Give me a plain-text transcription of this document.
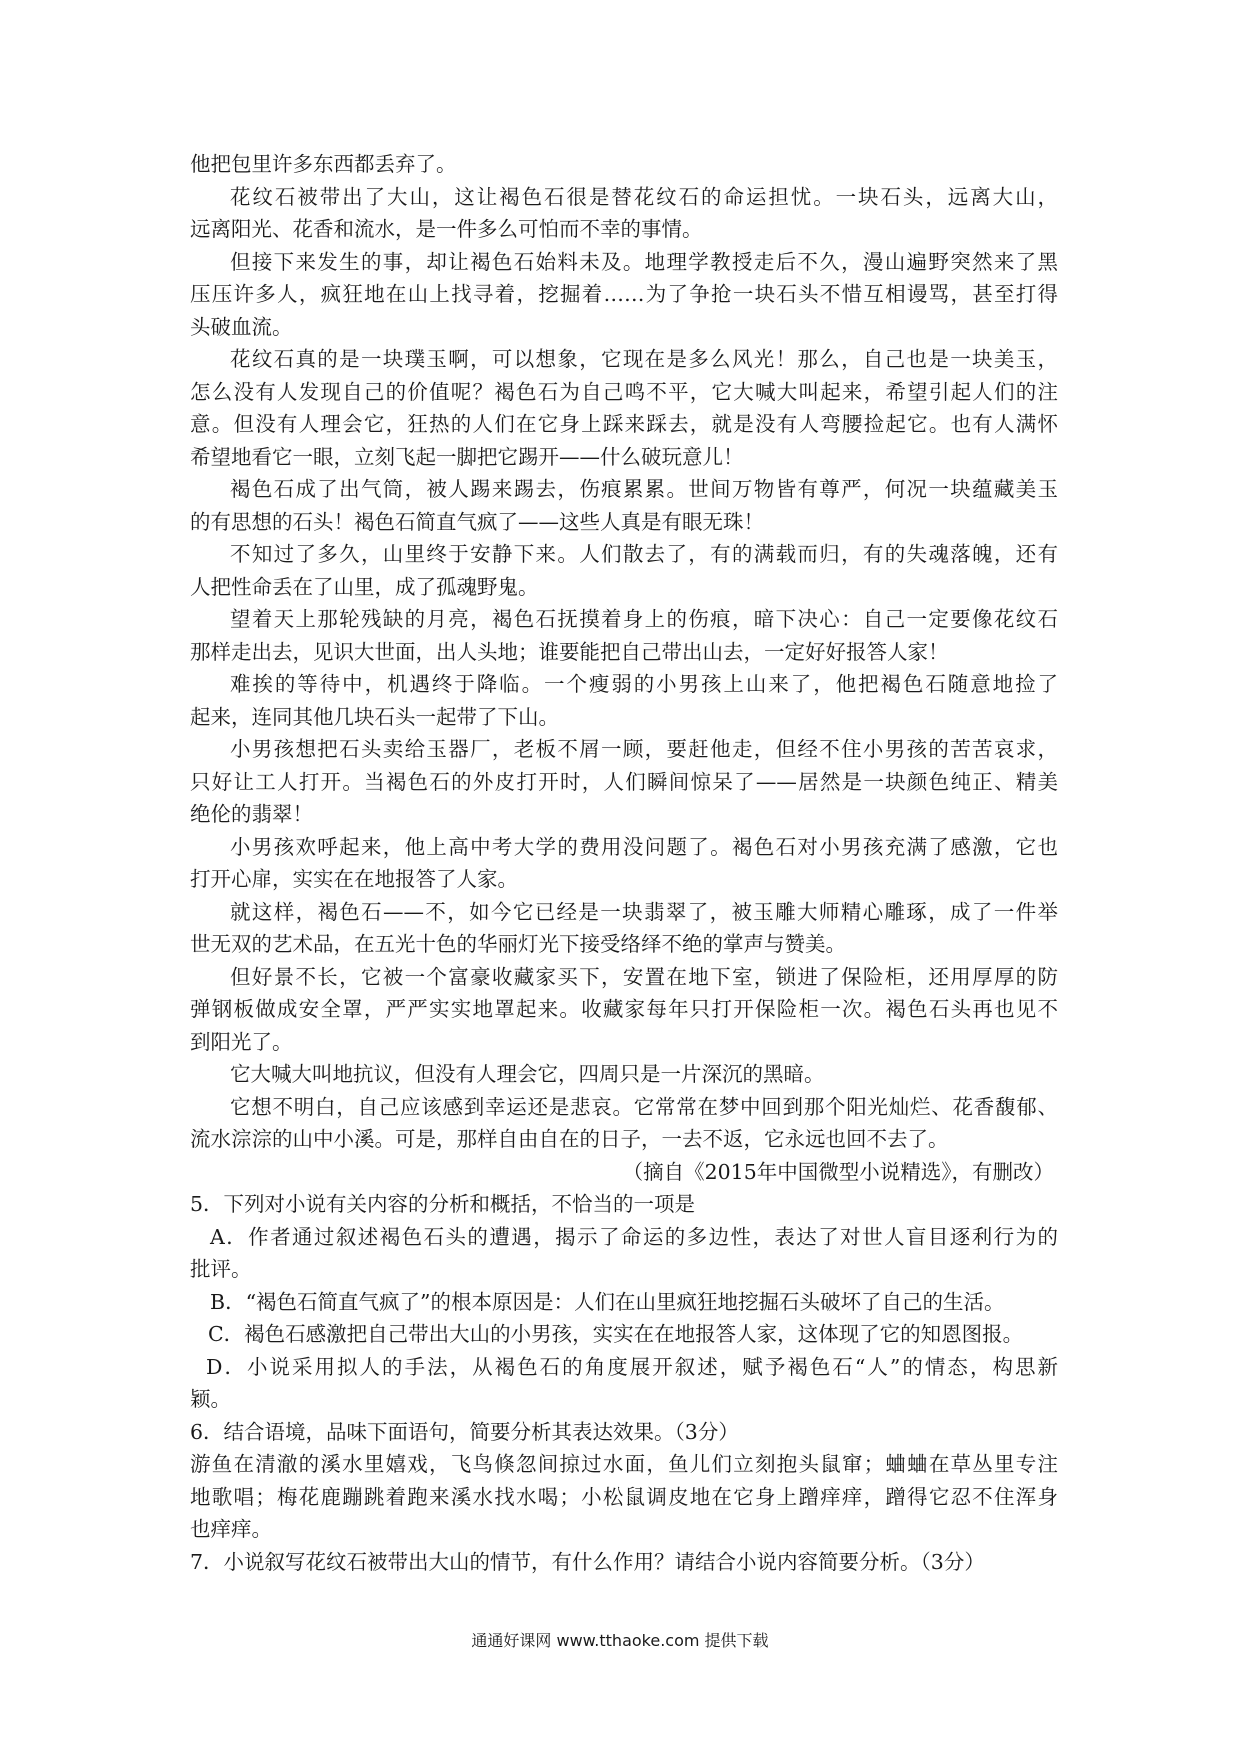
他把包里许多东西都丢弃了。
花纹石被带出了大山，这让褐色石很是替花纹石的命运担忧。一块石头，远离大山，
远离阳光、花香和流水，是一件多么可怕而不幸的事情。
但接下来发生的事，却让褐色石始料未及。地理学教授走后不久，漫山遍野突然来了黑
压压许多人，疯狂地在山上找寻着，挖掘着……为了争抢一块石头不惜互相谩骂，甚至打得
头破血流。
花纹石真的是一块璞玉啊，可以想象，它现在是多么风光！那么，自己也是一块美玉，
怎么没有人发现自己的价值呢？褐色石为自己鸣不平，它大喊大叫起来，希望引起人们的注
意。但没有人理会它，狂热的人们在它身上踩来踩去，就是没有人弯腰捡起它。也有人满怀
希望地看它一眼，立刻飞起一脚把它踢开——什么破玩意儿！
褐色石成了出气筒，被人踢来踢去，伤痕累累。世间万物皆有尊严，何况一块蕴藏美玉
的有思想的石头！褐色石简直气疯了——这些人真是有眼无珠！
不知过了多久，山里终于安静下来。人们散去了，有的满载而归，有的失魂落魄，还有
人把性命丢在了山里，成了孤魂野鬼。
望着天上那轮残缺的月亮，褐色石抚摸着身上的伤痕，暗下决心：自己一定要像花纹石
那样走出去，见识大世面，出人头地；谁要能把自己带出山去，一定好好报答人家！
难挨的等待中，机遇终于降临。一个瘦弱的小男孩上山来了，他把褐色石随意地捡了
起来，连同其他几块石头一起带了下山。
小男孩想把石头卖给玉器厂，老板不屑一顾，要赶他走，但经不住小男孩的苦苦哀求，
只好让工人打开。当褐色石的外皮打开时，人们瞬间惊呆了——居然是一块颜色纯正、精美
绝伦的翡翠！
小男孩欢呼起来，他上高中考大学的费用没问题了。褐色石对小男孩充满了感激，它也
打开心扉，实实在在地报答了人家。
就这样，褐色石——不，如今它已经是一块翡翠了，被玉雕大师精心雕琢，成了一件举
世无双的艺术品，在五光十色的华丽灯光下接受络绎不绝的掌声与赞美。
但好景不长，它被一个富豪收藏家买下，安置在地下室，锁进了保险柜，还用厚厚的防
弹钢板做成安全罩，严严实实地罩起来。收藏家每年只打开保险柜一次。褐色石头再也见不
到阳光了。
它大喊大叫地抗议，但没有人理会它，四周只是一片深沉的黑暗。
它想不明白，自己应该感到幸运还是悲哀。它常常在梦中回到那个阳光灿烂、花香馥郁、
流水淙淙的山中小溪。可是，那样自由自在的日子，一去不返，它永远也回不去了。
（摘自《2015年中国微型小说精选》，有删改）
5．下列对小说有关内容的分析和概括，不恰当的一项是
A．作者通过叙述褐色石头的遭遇，揭示了命运的多边性，表达了对世人盲目逐利行为的
批评。
B．“褐色石简直气疯了”的根本原因是：人们在山里疯狂地挖掘石头破坏了自己的生活。
C．褐色石感激把自己带出大山的小男孩，实实在在地报答人家，这体现了它的知恩图报。
D．小说采用拟人的手法，从褐色石的角度展开叙述，赋予褐色石“人”的情态，构思新
颖。
6．结合语境，品味下面语句，简要分析其表达效果。（3分）
游鱼在清澈的溪水里嬉戏，飞鸟倏忽间掠过水面，鱼儿们立刻抱头鼠窜；蛐蛐在草丛里专注
地歌唱；梅花鹿蹦跳着跑来溪水找水喝；小松鼠调皮地在它身上蹭痒痒，蹭得它忍不住浑身
也痒痒。
7．小说叙写花纹石被带出大山的情节，有什么作用？请结合小说内容简要分析。（3分）
通通好课网 www.tthaoke.com 提供下载
